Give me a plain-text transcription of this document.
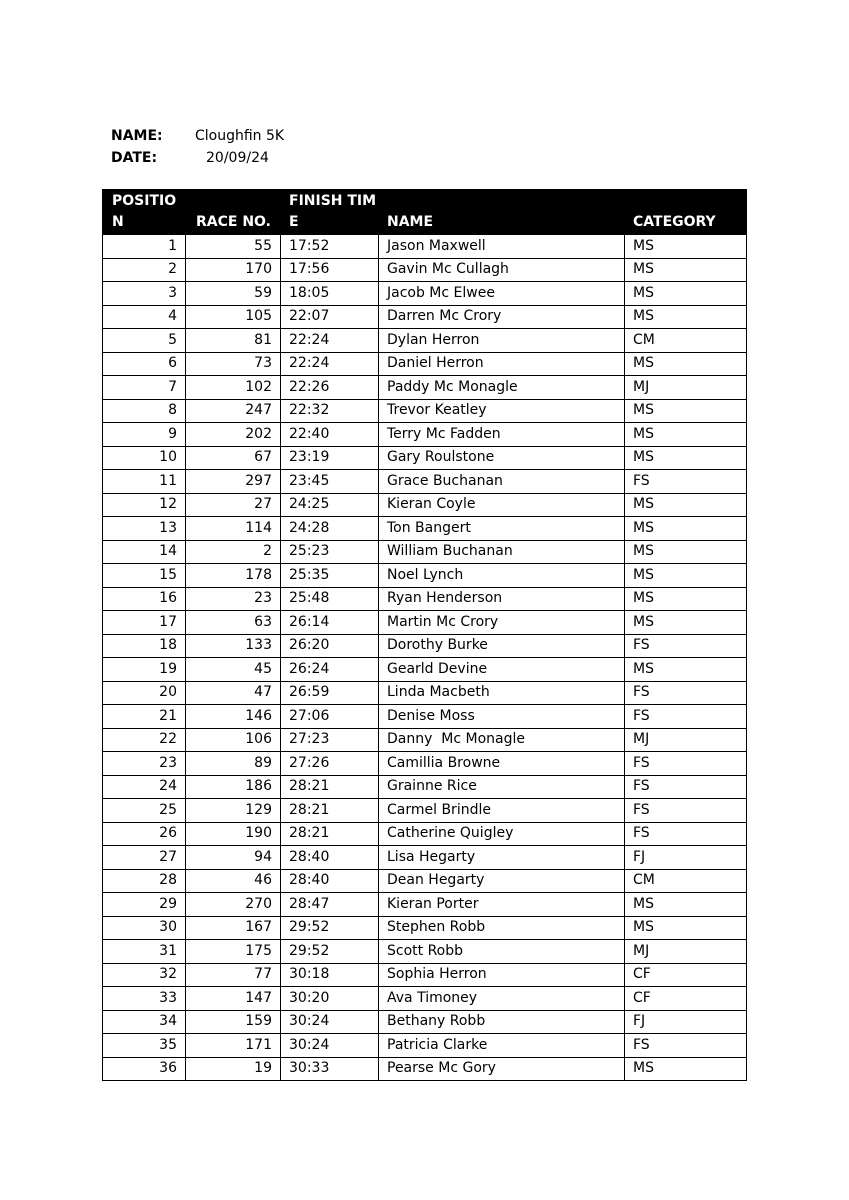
NAME:	Cloughfin 5K
DATE:	20/09/24
POSITION	RACE NO.	FINISH TIME	NAME	CATEGORY
1	55	17:52	Jason Maxwell	MS
2	170	17:56	Gavin Mc Cullagh	MS
3	59	18:05	Jacob Mc Elwee	MS
4	105	22:07	Darren Mc Crory	MS
5	81	22:24	Dylan Herron	CM
6	73	22:24	Daniel Herron	MS
7	102	22:26	Paddy Mc Monagle	MJ
8	247	22:32	Trevor Keatley	MS
9	202	22:40	Terry Mc Fadden	MS
10	67	23:19	Gary Roulstone	MS
11	297	23:45	Grace Buchanan	FS
12	27	24:25	Kieran Coyle	MS
13	114	24:28	Ton Bangert	MS
14	2	25:23	William Buchanan	MS
15	178	25:35	Noel Lynch	MS
16	23	25:48	Ryan Henderson	MS
17	63	26:14	Martin Mc Crory	MS
18	133	26:20	Dorothy Burke	FS
19	45	26:24	Gearld Devine	MS
20	47	26:59	Linda Macbeth	FS
21	146	27:06	Denise Moss	FS
22	106	27:23	Danny  Mc Monagle	MJ
23	89	27:26	Camillia Browne	FS
24	186	28:21	Grainne Rice	FS
25	129	28:21	Carmel Brindle	FS
26	190	28:21	Catherine Quigley	FS
27	94	28:40	Lisa Hegarty	FJ
28	46	28:40	Dean Hegarty	CM
29	270	28:47	Kieran Porter	MS
30	167	29:52	Stephen Robb	MS
31	175	29:52	Scott Robb	MJ
32	77	30:18	Sophia Herron	CF
33	147	30:20	Ava Timoney	CF
34	159	30:24	Bethany Robb	FJ
35	171	30:24	Patricia Clarke	FS
36	19	30:33	Pearse Mc Gory	MS
